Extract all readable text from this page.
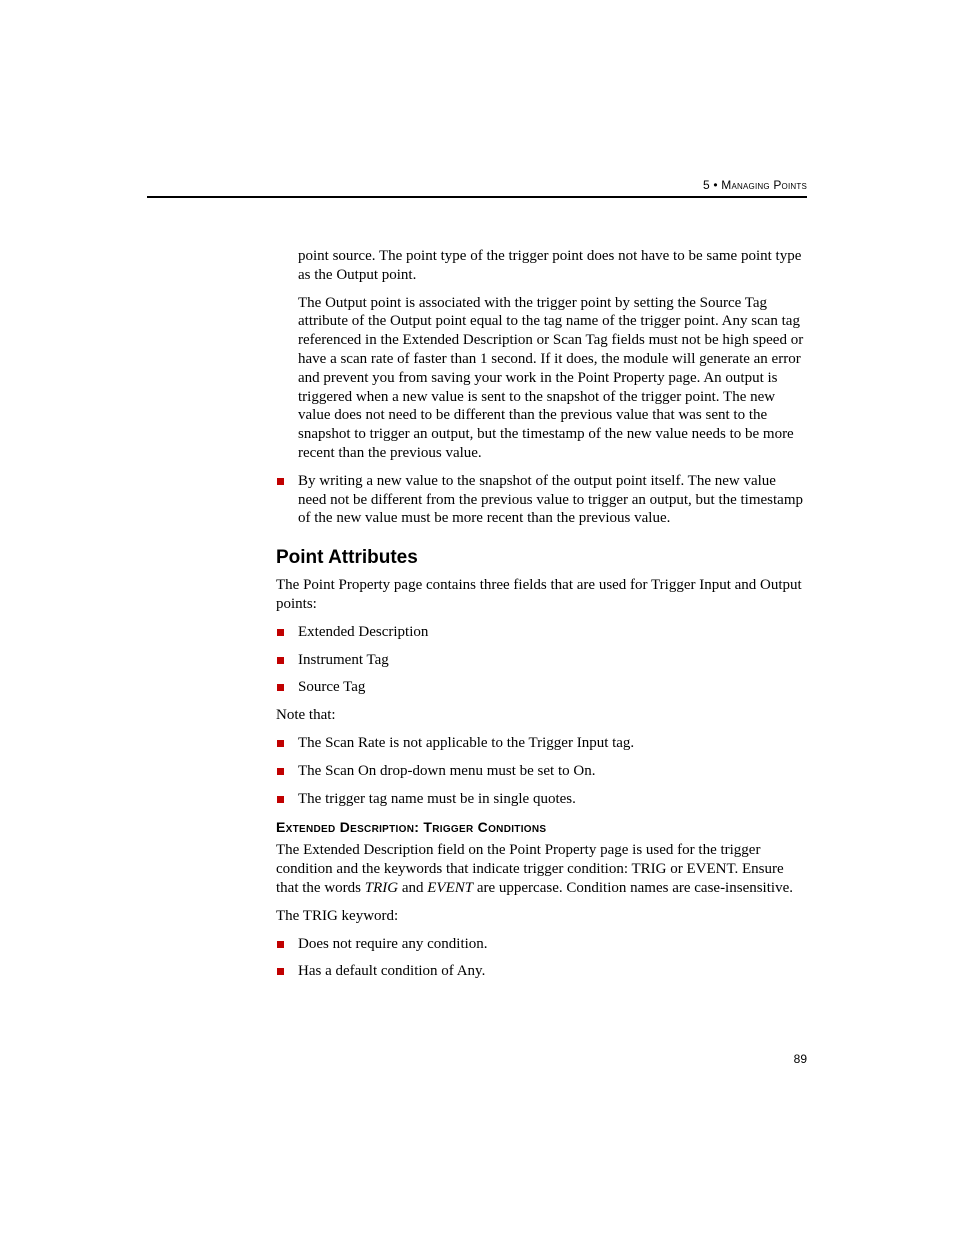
5 • Managing Points

point source. The point type of the trigger point does not have to be same point type as the Output point.

The Output point is associated with the trigger point by setting the Source Tag attribute of the Output point equal to the tag name of the trigger point. Any scan tag referenced in the Extended Description or Scan Tag fields must not be high speed or have a scan rate of faster than 1 second. If it does, the module will generate an error and prevent you from saving your work in the Point Property page. An output is triggered when a new value is sent to the snapshot of the trigger point. The new value does not need to be different than the previous value that was sent to the snapshot to trigger an output, but the timestamp of the new value needs to be more recent than the previous value.

By writing a new value to the snapshot of the output point itself. The new value need not be different from the previous value to trigger an output, but the timestamp of the new value must be more recent than the previous value.
Point Attributes

The Point Property page contains three fields that are used for Trigger Input and Output points:

Extended Description
Instrument Tag
Source Tag

Note that:

The Scan Rate is not applicable to the Trigger Input tag.
The Scan On drop-down menu must be set to On.
The trigger tag name must be in single quotes.
Extended Description: Trigger Conditions

The Extended Description field on the Point Property page is used for the trigger condition and the keywords that indicate trigger condition: TRIG or EVENT. Ensure that the words TRIG and EVENT are uppercase. Condition names are case-insensitive.

The TRIG keyword:

Does not require any condition.
Has a default condition of Any.
89
